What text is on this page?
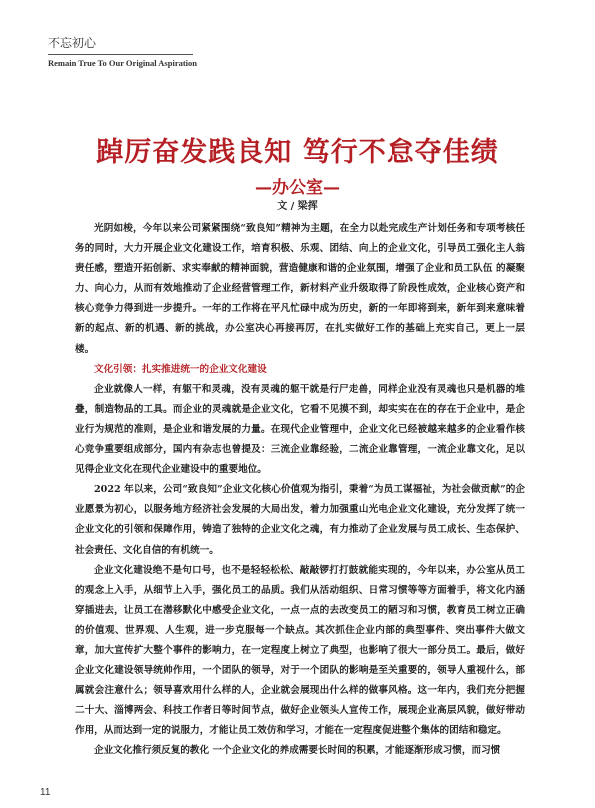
不忘初心
Remain True To Our Original Aspiration
踔厉奋发践良知 笃行不怠夺佳绩
—办公室—
文 / 梁挥

光阴如梭，今年以来公司紧紧围绕“致良知”精神为主题，在全力以赴完成生产计划任务和专项考核任务的同时，大力开展企业文化建设工作，培育积极、乐观、团结、向上的企业文化，引导员工强化主人翁责任感，塑造开拓创新、求实奉献的精神面貌，营造健康和谐的企业氛围，增强了企业和员工队伍 的凝聚力、向心力，从而有效地推动了企业经营管理工作，新材料产业升级取得了阶段性成效，企业核心资产和核心竞争力得到进一步提升。一年的工作将在平凡忙碌中成为历史，新的一年即将到来，新年到来意味着新的起点、新的机遇、新的挑战，办公室决心再接再厉，在扎实做好工作的基础上充实自己，更上一层楼。

文化引领：扎实推进统一的企业文化建设

企业就像人一样，有躯干和灵魂，没有灵魂的躯干就是行尸走兽，同样企业没有灵魂也只是机器的堆叠，制造物品的工具。而企业的灵魂就是企业文化，它看不见摸不到，却实实在在的存在于企业中，是企业行为规范的准则，是企业和谐发展的力量。在现代企业管理中，企业文化已经被越来越多的企业看作核心竞争重要组成部分，国内有杂志也曾提及：三流企业靠经验，二流企业靠管理，一流企业靠文化，足以见得企业文化在现代企业建设中的重要地位。

2022 年以来，公司“致良知”企业文化核心价值观为指引，秉着“为员工谋福祉，为社会做贡献”的企业愿景为初心，以服务地方经济社会发展的大局出发，着力加强重山光电企业文化建设，充分发挥了统一企业文化的引领和保障作用，铸造了独特的企业文化之魂，有力推动了企业发展与员工成长、生态保护、社会责任、文化自信的有机统一。

企业文化建设绝不是句口号，也不是轻轻松松、敲敲锣打打鼓就能实现的，今年以来，办公室从员工的观念上入手，从细节上入手，强化员工的品质。我们从活动组织、日常习惯等等方面着手，将文化内涵穿插进去，让员工在潜移默化中感受企业文化，一点一点的去改变员工的陋习和习惯，教育员工树立正确的价值观、世界观、人生观，进一步克服每一个缺点。其次抓住企业内部的典型事件、突出事件大做文章，加大宣传扩大整个事件的影响力，在一定程度上树立了典型，也影响了很大一部分员工。最后，做好企业文化建设领导统帅作用，一个团队的领导，对于一个团队的影响是至关重要的，领导人重视什么，部属就会注意什么；领导喜欢用什么样的人，企业就会展现出什么样的做事风格。这一年内，我们充分把握二十大、淄博两会、科技工作者日等时间节点，做好企业领头人宣传工作，展现企业高层风貌，做好带动作用，从而达到一定的说服力，才能让员工效仿和学习，才能在一定程度促进整个集体的团结和稳定。

企业文化推行须反复的教化 一个企业文化的养成需要长时间的积累，才能逐渐形成习惯，而习惯

11
